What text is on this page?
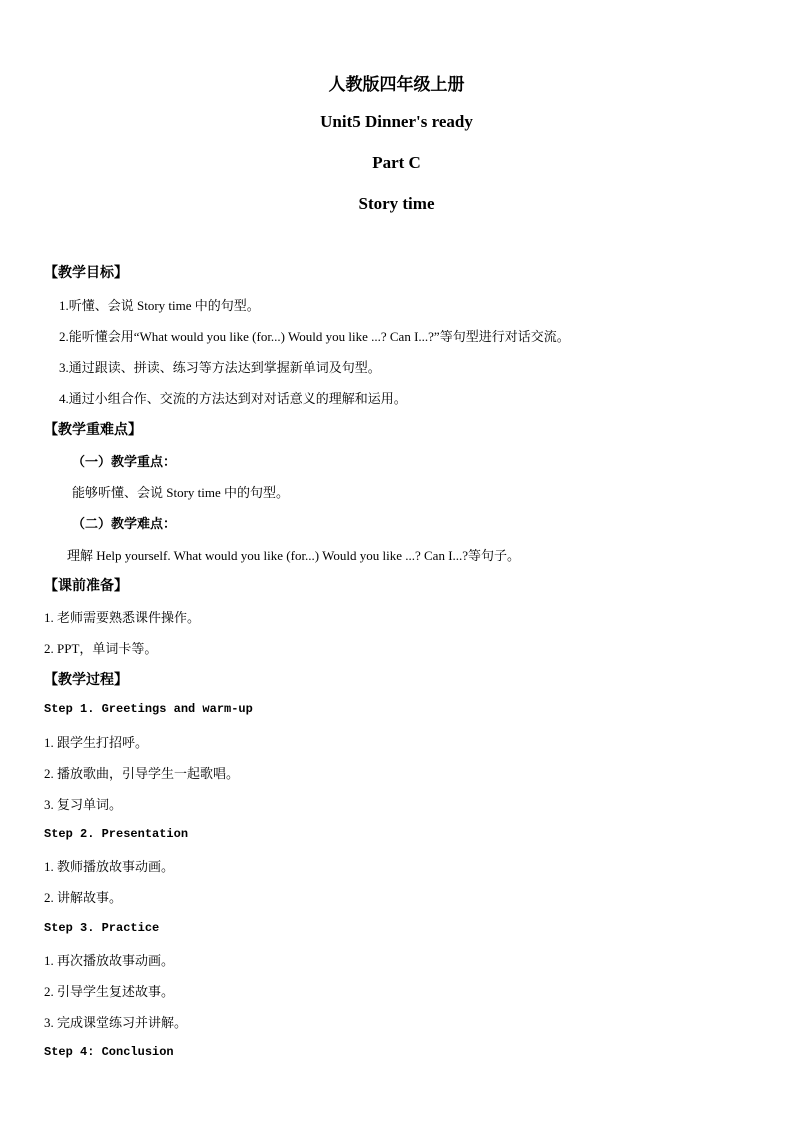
人教版四年级上册
Unit5 Dinner's ready
Part C
Story time
【教学目标】
1.听懂、会说 Story time 中的句型。
2.能听懂会用“What would you like (for...) Would you like ...? Can I...?”等句型进行对话交流。
3.通过跟读、拼读、练习等方法达到掌握新单词及句型。
4.通过小组合作、交流的方法达到对对话意义的理解和运用。
【教学重难点】
（一）教学重点：
能够听懂、会说 Story time 中的句型。
（二）教学难点：
理解 Help yourself. What would you like (for...) Would you like ...? Can I...?等句子。
【课前准备】
1. 老师需要熟悉课件操作。
2. PPT，单词卡等。
【教学过程】
Step 1. Greetings and warm-up
1. 跟学生打招呼。
2. 播放歌曲，引导学生一起歌唱。
3. 复习单词。
Step 2. Presentation
1. 教师播放故事动画。
2. 讲解故事。
Step 3. Practice
1. 再次播放故事动画。
2. 引导学生复述故事。
3. 完成课堂练习并讲解。
Step 4: Conclusion
